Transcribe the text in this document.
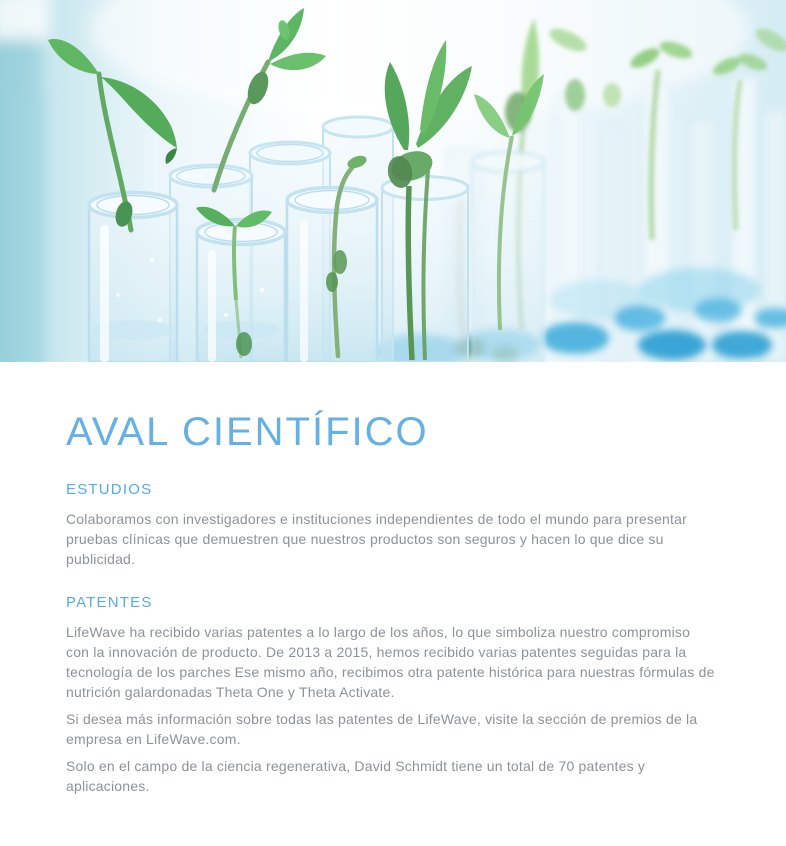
AVAL CIENTÍFICO
ESTUDIOS

Colaboramos con investigadores e instituciones independientes de todo el mundo para presentar pruebas clínicas que demuestren que nuestros productos son seguros y hacen lo que dice su publicidad.

PATENTES

LifeWave ha recibido varias patentes a lo largo de los años, lo que simboliza nuestro compromiso con la innovación de producto. De 2013 a 2015, hemos recibido varias patentes seguidas para la tecnología de los parches Ese mismo año, recibimos otra patente histórica para nuestras fórmulas de nutrición galardonadas Theta One y Theta Activate.

Si desea más información sobre todas las patentes de LifeWave, visite la sección de premios de la empresa en LifeWave.com.

Solo en el campo de la ciencia regenerativa, David Schmidt tiene un total de 70 patentes y aplicaciones.
